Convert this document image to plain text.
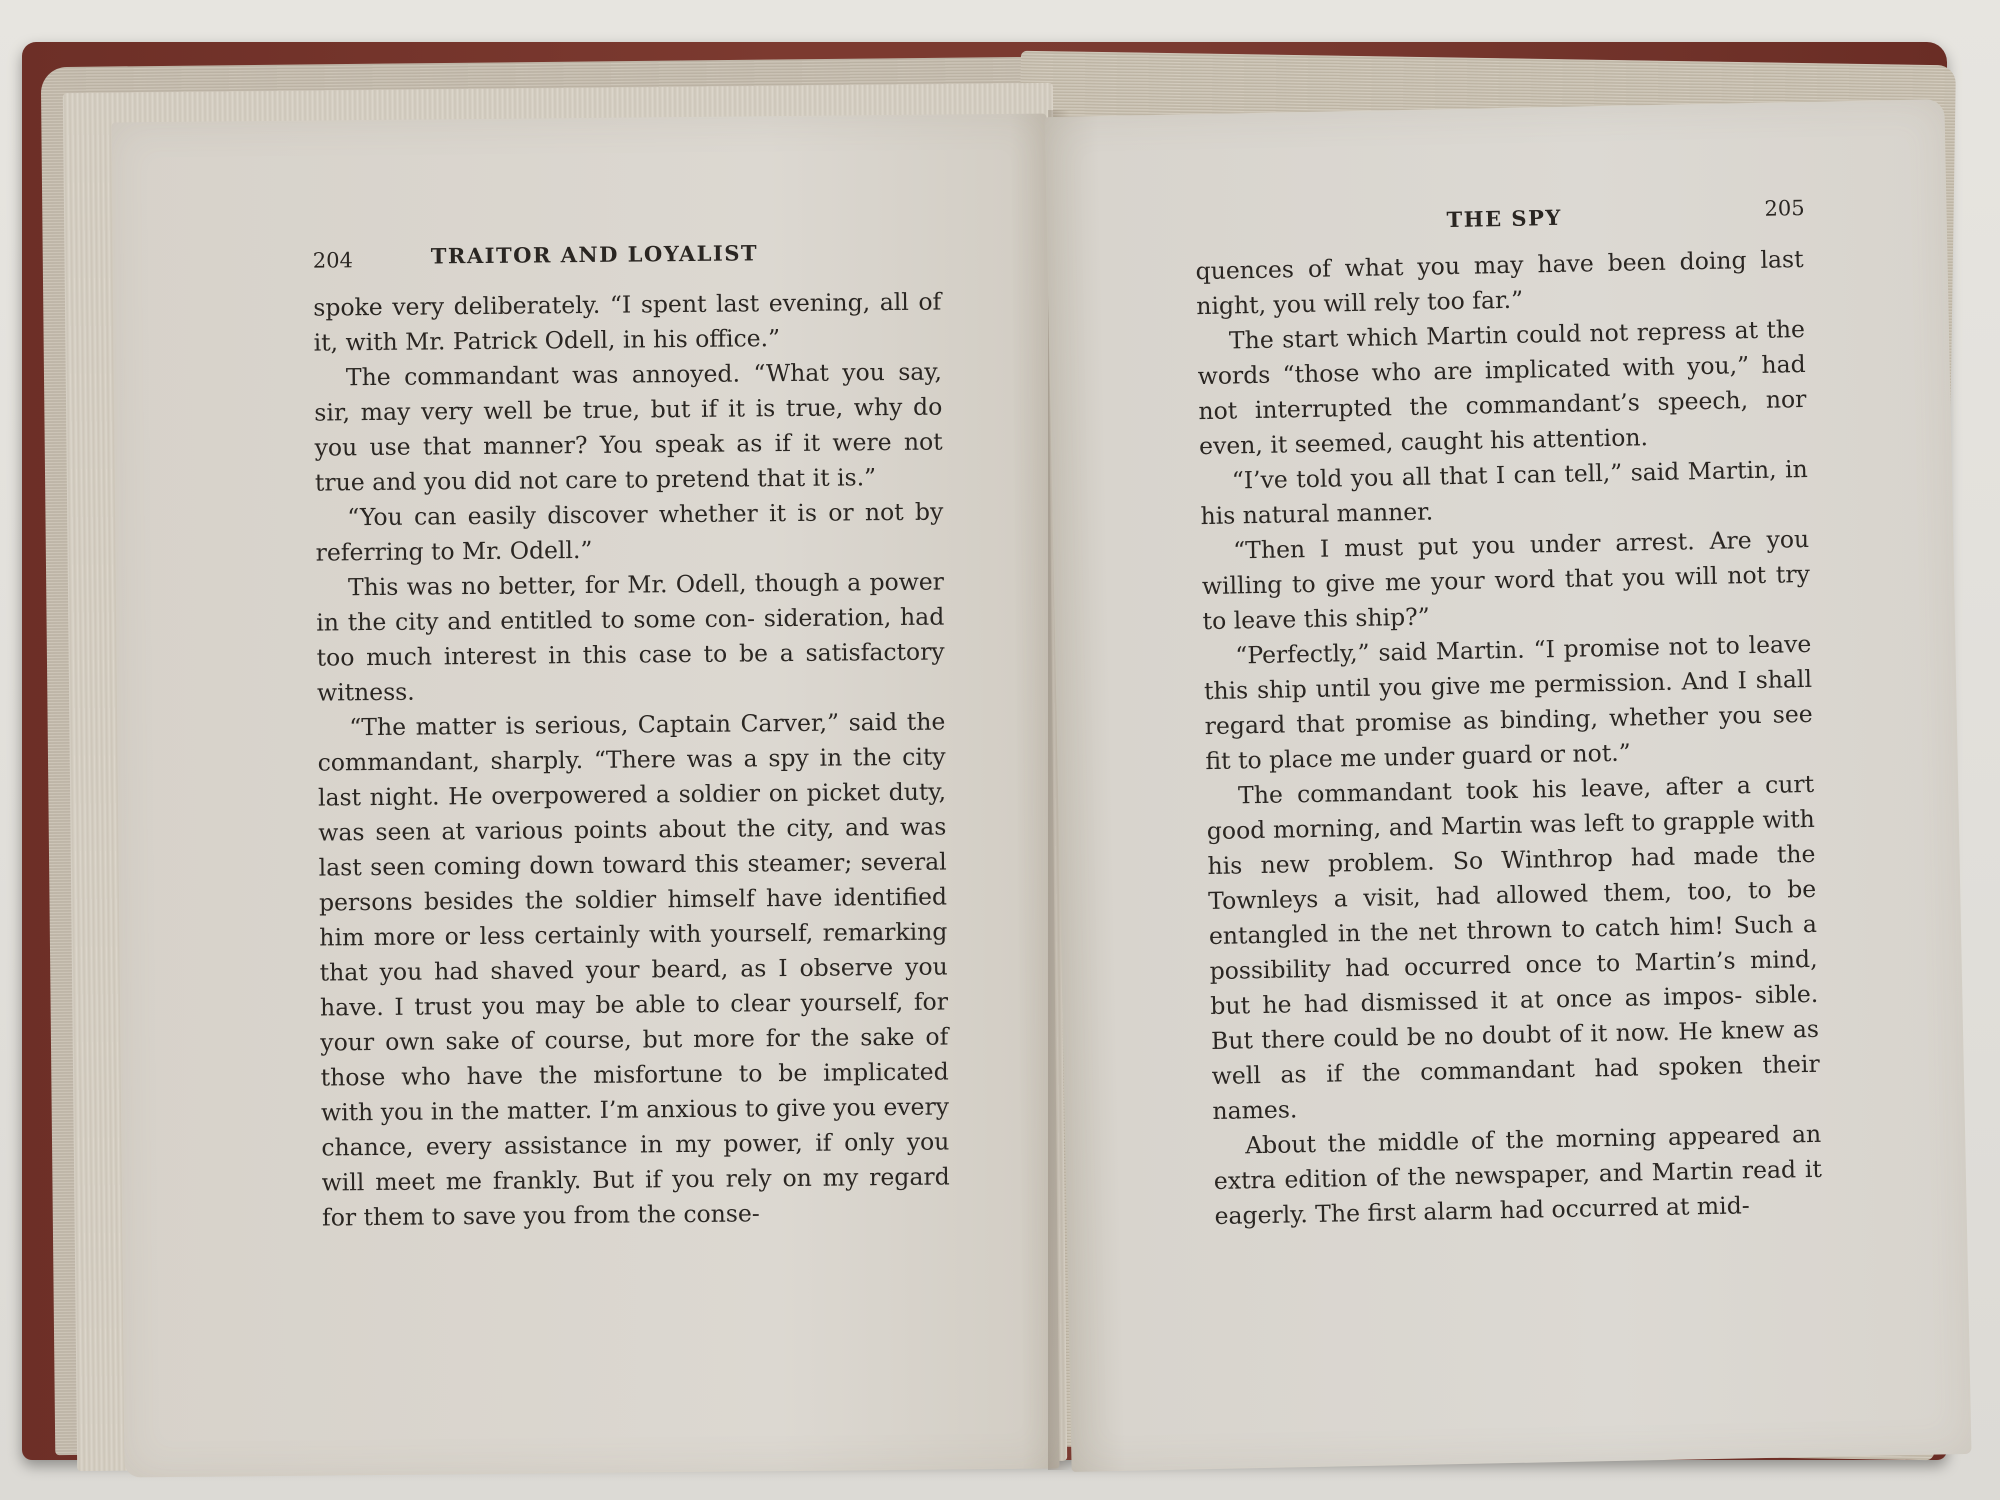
204	TRAITOR AND LOYALIST

spoke very deliberately. “I spent last evening, all of it, with Mr. Patrick Odell, in his office.”

The commandant was annoyed. “What you say, sir, may very well be true, but if it is true, why do you use that manner? You speak as if it were not true and you did not care to pretend that it is.”

“You can easily discover whether it is or not by referring to Mr. Odell.”

This was no better, for Mr. Odell, though a power in the city and entitled to some con- sideration, had too much interest in this case to be a satisfactory witness.

“The matter is serious, Captain Carver,” said the commandant, sharply. “There was a spy in the city last night. He overpowered a soldier on picket duty, was seen at various points about the city, and was last seen coming down toward this steamer; several persons besides the soldier himself have identified him more or less certainly with yourself, remarking that you had shaved your beard, as I observe you have. I trust you may be able to clear yourself, for your own sake of course, but more for the sake of those who have the misfortune to be implicated with you in the matter. I’m anxious to give you every chance, every assistance in my power, if only you will meet me frankly. But if you rely on my regard for them to save you from the conse-

THE SPY	205

quences of what you may have been doing last night, you will rely too far.”

The start which Martin could not repress at the words “those who are implicated with you,” had not interrupted the commandant’s speech, nor even, it seemed, caught his attention.

“I’ve told you all that I can tell,” said Martin, in his natural manner.

“Then I must put you under arrest. Are you willing to give me your word that you will not try to leave this ship?”

“Perfectly,” said Martin. “I promise not to leave this ship until you give me permission. And I shall regard that promise as binding, whether you see fit to place me under guard or not.”

The commandant took his leave, after a curt good morning, and Martin was left to grapple with his new problem. So Winthrop had made the Townleys a visit, had allowed them, too, to be entangled in the net thrown to catch him! Such a possibility had occurred once to Martin’s mind, but he had dismissed it at once as impos- sible. But there could be no doubt of it now. He knew as well as if the commandant had spoken their names.

About the middle of the morning appeared an extra edition of the newspaper, and Martin read it eagerly. The first alarm had occurred at mid-
